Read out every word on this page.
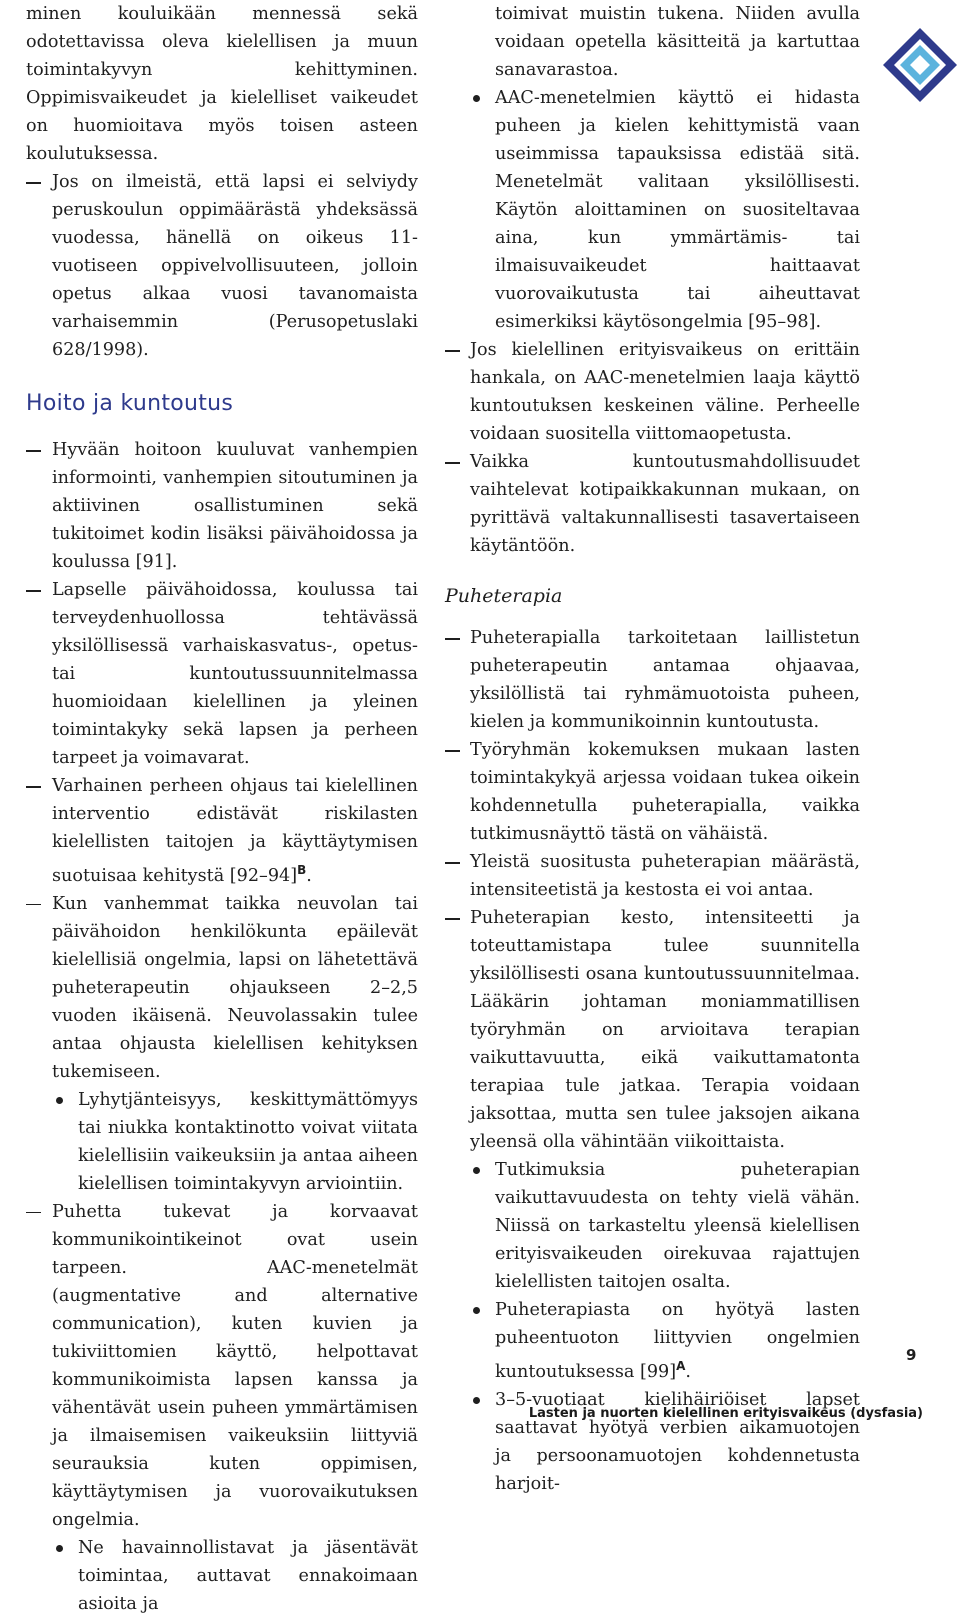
minen kouluikään mennessä sekä odotettavissa oleva kielellisen ja muun toimintakyvyn kehittyminen. Oppimisvaikeudet ja kielelliset vaikeudet on huomioitava myös toisen asteen koulutuksessa.

Jos on ilmeistä, että lapsi ei selviydy peruskoulun oppimäärästä yhdeksässä vuodessa, hänellä on oikeus 11-vuotiseen oppivelvollisuuteen, jolloin opetus alkaa vuosi tavanomaista varhaisemmin (Perusopetuslaki 628/1998).

Hoito ja kuntoutus

Hyvään hoitoon kuuluvat vanhempien informointi, vanhempien sitoutuminen ja aktiivinen osallistuminen sekä tukitoimet kodin lisäksi päivähoidossa ja koulussa [91].

Lapselle päivähoidossa, koulussa tai terveydenhuollossa tehtävässä yksilöllisessä varhaiskasvatus-, opetus- tai kuntoutussuunnitelmassa huomioidaan kielellinen ja yleinen toimintakyky sekä lapsen ja perheen tarpeet ja voimavarat.

Varhainen perheen ohjaus tai kielellinen interventio edistävät riskilasten kielellisten taitojen ja käyttäytymisen suotuisaa kehitystä $[92-94]^B$.

Kun vanhemmat taikka neuvolan tai päivähoidon henkilökunta epäilevät kielellisiä ongelmia, lapsi on lähetettävä puheterapeutin ohjaukseen 2–2,5 vuoden ikäisenä. Neuvolassakin tulee antaa ohjausta kielellisen kehityksen tukemiseen.

Lyhytjänteisyys, keskittymättömyys tai niukka kontaktinotto voivat viitata kielellisiin vaikeuksiin ja antaa aiheen kielellisen toimintakyvyn arviointiin.

Puhetta tukevat ja korvaavat kommunikointikeinot ovat usein tarpeen. AAC-menetelmät (augmentative and alternative communication), kuten kuvien ja tukiviittomien käyttö, helpottavat kommunikoimista lapsen kanssa ja vähentävät usein puheen ymmärtämisen ja ilmaisemisen vaikeuksiin liittyviä seurauksia kuten oppimisen, käyttäytymisen ja vuorovaikutuksen ongelmia.

Ne havainnollistavat ja jäsentävät toimintaa, auttavat ennakoimaan asioita ja

toimivat muistin tukena. Niiden avulla voidaan opetella käsitteitä ja kartuttaa sanavarastoa.

AAC-menetelmien käyttö ei hidasta puheen ja kielen kehittymistä vaan useimmissa tapauksissa edistää sitä. Menetelmät valitaan yksilöllisesti. Käytön aloittaminen on suositeltavaa aina, kun ymmärtämis- tai ilmaisuvaikeudet haittaavat vuorovaikutusta tai aiheuttavat esimerkiksi käytösongelmia [95–98].

Jos kielellinen erityisvaikeus on erittäin hankala, on AAC-menetelmien laaja käyttö kuntoutuksen keskeinen väline. Perheelle voidaan suositella viittomaopetusta.

Vaikka kuntoutusmahdollisuudet vaihtelevat kotipaikkakunnan mukaan, on pyrittävä valtakunnallisesti tasavertaiseen käytäntöön.

Puheterapia

Puheterapialla tarkoitetaan laillistetun puheterapeutin antamaa ohjaavaa, yksilöllistä tai ryhmämuotoista puheen, kielen ja kommunikoinnin kuntoutusta.

Työryhmän kokemuksen mukaan lasten toimintakykyä arjessa voidaan tukea oikein kohdennetulla puheterapialla, vaikka tutkimusnäyttö tästä on vähäistä.

Yleistä suositusta puheterapian määrästä, intensiteetistä ja kestosta ei voi antaa.

Puheterapian kesto, intensiteetti ja toteuttamistapa tulee suunnitella yksilöllisesti osana kuntoutussuunnitelmaa. Lääkärin johtaman moniammatillisen työryhmän on arvioitava terapian vaikuttavuutta, eikä vaikuttamatonta terapiaa tule jatkaa. Terapia voidaan jaksottaa, mutta sen tulee jaksojen aikana yleensä olla vähintään viikoittaista.

Tutkimuksia puheterapian vaikuttavuudesta on tehty vielä vähän. Niissä on tarkasteltu yleensä kielellisen erityisvaikeuden oirekuvaa rajattujen kielellisten taitojen osalta.

Puheterapiasta on hyötyä lasten puheentuoton liittyvien ongelmien kuntoutuksessa $[99]^A$.

3–5-vuotiaat kielihäiriöiset lapset saattavat hyötyä verbien aikamuotojen ja persoonamuotojen kohdennetusta harjoit-

9
Lasten ja nuorten kielellinen erityisvaikeus (dysfasia)
